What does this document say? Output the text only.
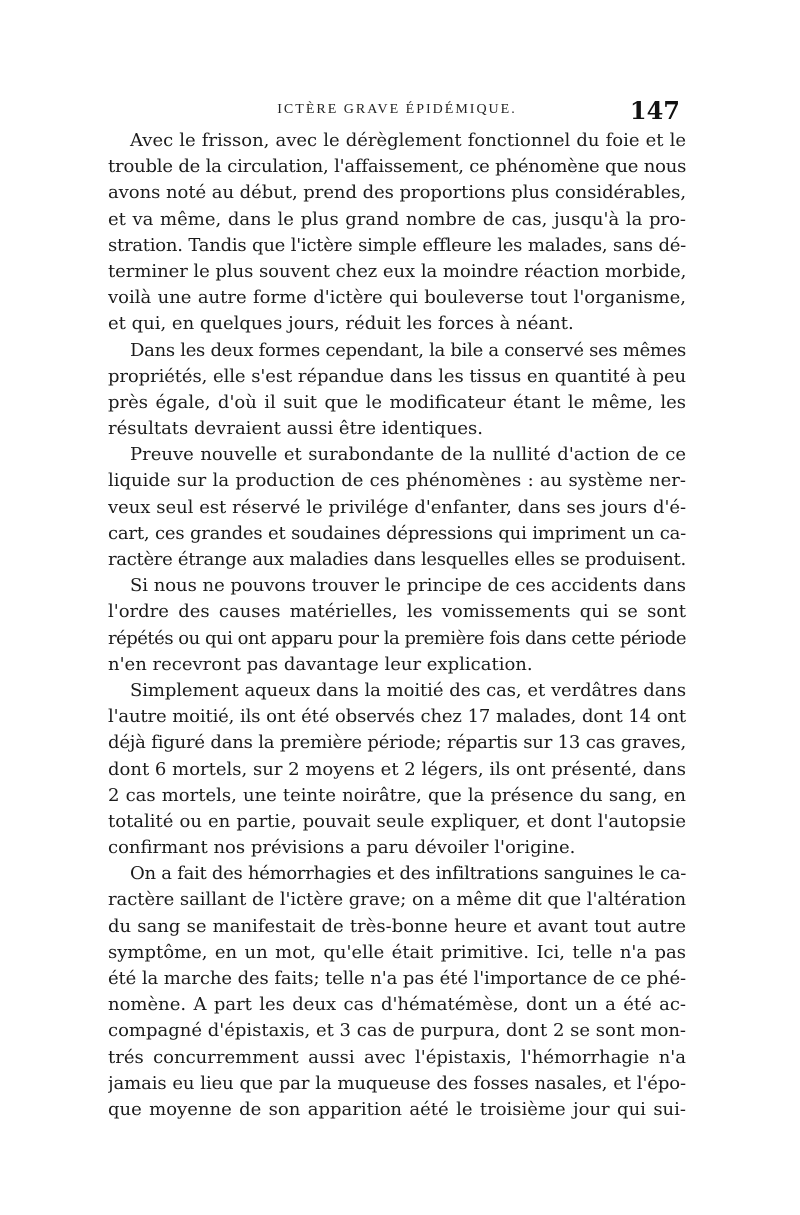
ICTÈRE GRAVE ÉPIDÉMIQUE.	147
Avec le frisson, avec le dérèglement fonctionnel du foie et le
trouble de la circulation, l'affaissement, ce phénomène que nous
avons noté au début, prend des proportions plus considérables,
et va même, dans le plus grand nombre de cas, jusqu'à la pro-
stration. Tandis que l'ictère simple effleure les malades, sans dé-
terminer le plus souvent chez eux la moindre réaction morbide,
voilà une autre forme d'ictère qui bouleverse tout l'organisme,
et qui, en quelques jours, réduit les forces à néant.
Dans les deux formes cependant, la bile a conservé ses mêmes
propriétés, elle s'est répandue dans les tissus en quantité à peu
près égale, d'où il suit que le modificateur étant le même, les
résultats devraient aussi être identiques.
Preuve nouvelle et surabondante de la nullité d'action de ce
liquide sur la production de ces phénomènes : au système ner-
veux seul est réservé le privilége d'enfanter, dans ses jours d'é-
cart, ces grandes et soudaines dépressions qui impriment un ca-
ractère étrange aux maladies dans lesquelles elles se produisent.
Si nous ne pouvons trouver le principe de ces accidents dans
l'ordre des causes matérielles, les vomissements qui se sont
répétés ou qui ont apparu pour la première fois dans cette période
n'en recevront pas davantage leur explication.
Simplement aqueux dans la moitié des cas, et verdâtres dans
l'autre moitié, ils ont été observés chez 17 malades, dont 14 ont
déjà figuré dans la première période; répartis sur 13 cas graves,
dont 6 mortels, sur 2 moyens et 2 légers, ils ont présenté, dans
2 cas mortels, une teinte noirâtre, que la présence du sang, en
totalité ou en partie, pouvait seule expliquer, et dont l'autopsie
confirmant nos prévisions a paru dévoiler l'origine.
On a fait des hémorrhagies et des infiltrations sanguines le ca-
ractère saillant de l'ictère grave; on a même dit que l'altération
du sang se manifestait de très-bonne heure et avant tout autre
symptôme, en un mot, qu'elle était primitive. Ici, telle n'a pas
été la marche des faits; telle n'a pas été l'importance de ce phé-
nomène. A part les deux cas d'hématémèse, dont un a été ac-
compagné d'épistaxis, et 3 cas de purpura, dont 2 se sont mon-
trés concurremment aussi avec l'épistaxis, l'hémorrhagie n'a
jamais eu lieu que par la muqueuse des fosses nasales, et l'épo-
que moyenne de son apparition aété le troisième jour qui sui-
